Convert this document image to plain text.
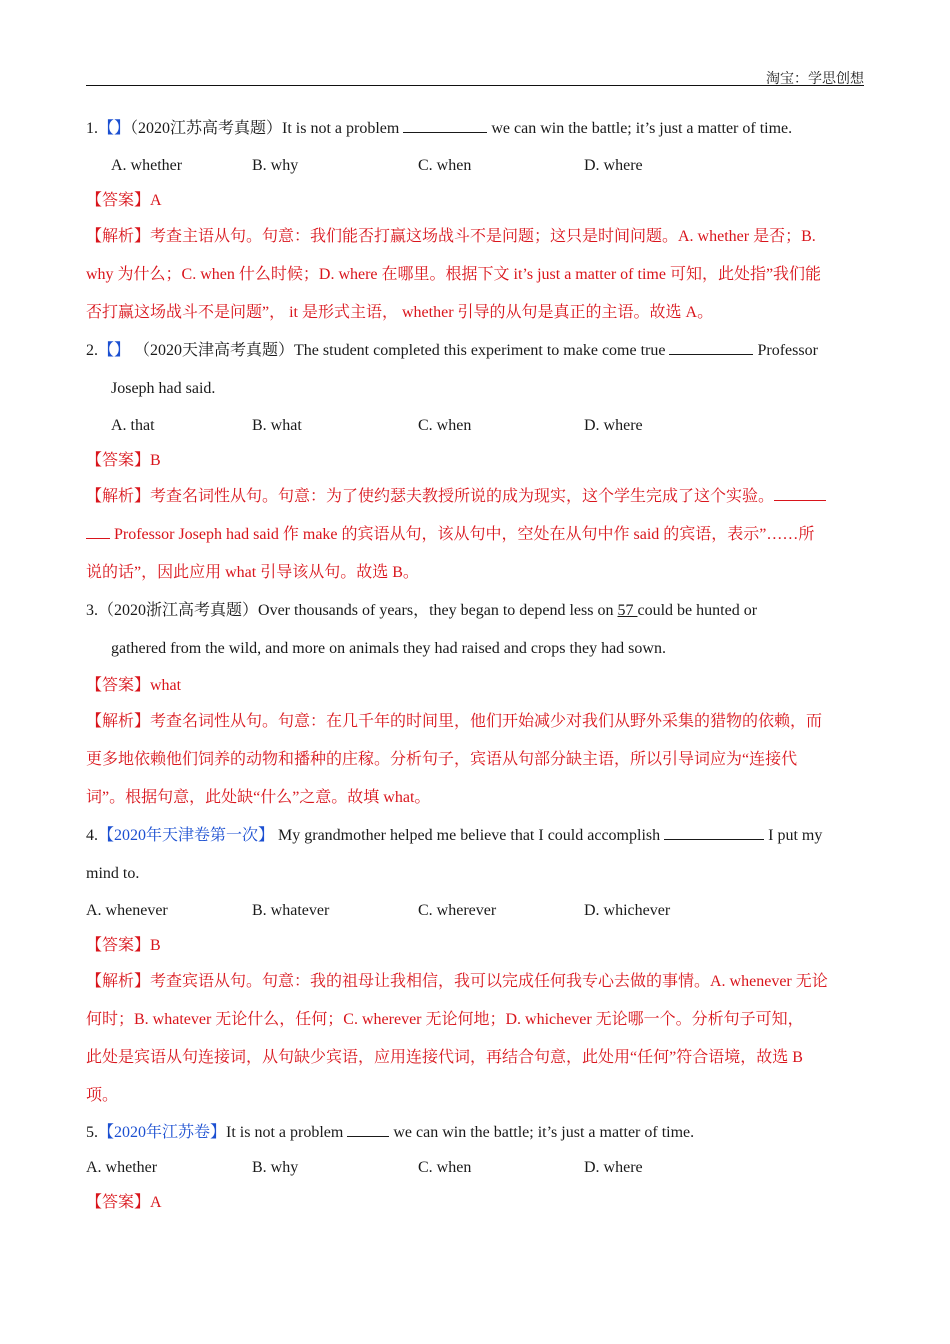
淘宝：学思创想
1.【】（2020江苏高考真题）It is not a problem	we can win the battle; it’s just a matter of time.
A. whether	B. why	C. when	D. where
【答案】A
【解析】考查主语从句。句意：我们能否打赢这场战斗不是问题；这只是时间问题。A. whether 是否；B.
why 为什么；C. when 什么时候；D. where 在哪里。根据下文 it’s just a matter of time 可知，此处指”我们能
否打赢这场战斗不是问题”， it 是形式主语， whether 引导的从句是真正的主语。故选 A。
2.【】 （2020天津高考真题）The student completed this experiment to make come true	Professor
Joseph had said.
A. that	B. what	C. when	D. where
【答案】B
【解析】考查名词性从句。句意：为了使约瑟夫教授所说的成为现实，这个学生完成了这个实验。
Professor Joseph had said 作 make 的宾语从句，该从句中，空处在从句中作 said 的宾语，表示”……所
说的话”，因此应用 what 引导该从句。故选 B。
3.（2020浙江高考真题）Over thousands of years，they began to depend less on 57 could be hunted or
gathered from the wild, and more on animals they had raised and crops they had sown.
【答案】what
【解析】考查名词性从句。句意：在几千年的时间里，他们开始减少对我们从野外采集的猎物的依赖，而
更多地依赖他们饲养的动物和播种的庄稼。分析句子，宾语从句部分缺主语，所以引导词应为“连接代
词”。根据句意，此处缺“什么”之意。故填 what。
4.【2020年天津卷第一次】 My grandmother helped me believe that I could accomplish	I put my
mind to.
A. whenever	B. whatever	C. wherever	D. whichever
【答案】B
【解析】考查宾语从句。句意：我的祖母让我相信，我可以完成任何我专心去做的事情。A. whenever 无论
何时；B. whatever 无论什么，任何；C. wherever 无论何地；D. whichever 无论哪一个。分析句子可知，
此处是宾语从句连接词，从句缺少宾语，应用连接代词，再结合句意，此处用“任何”符合语境，故选 B
项。
5.【2020年江苏卷】It is not a problem	we can win the battle; it’s just a matter of time.
A. whether	B. why	C. when	D. where
【答案】A
